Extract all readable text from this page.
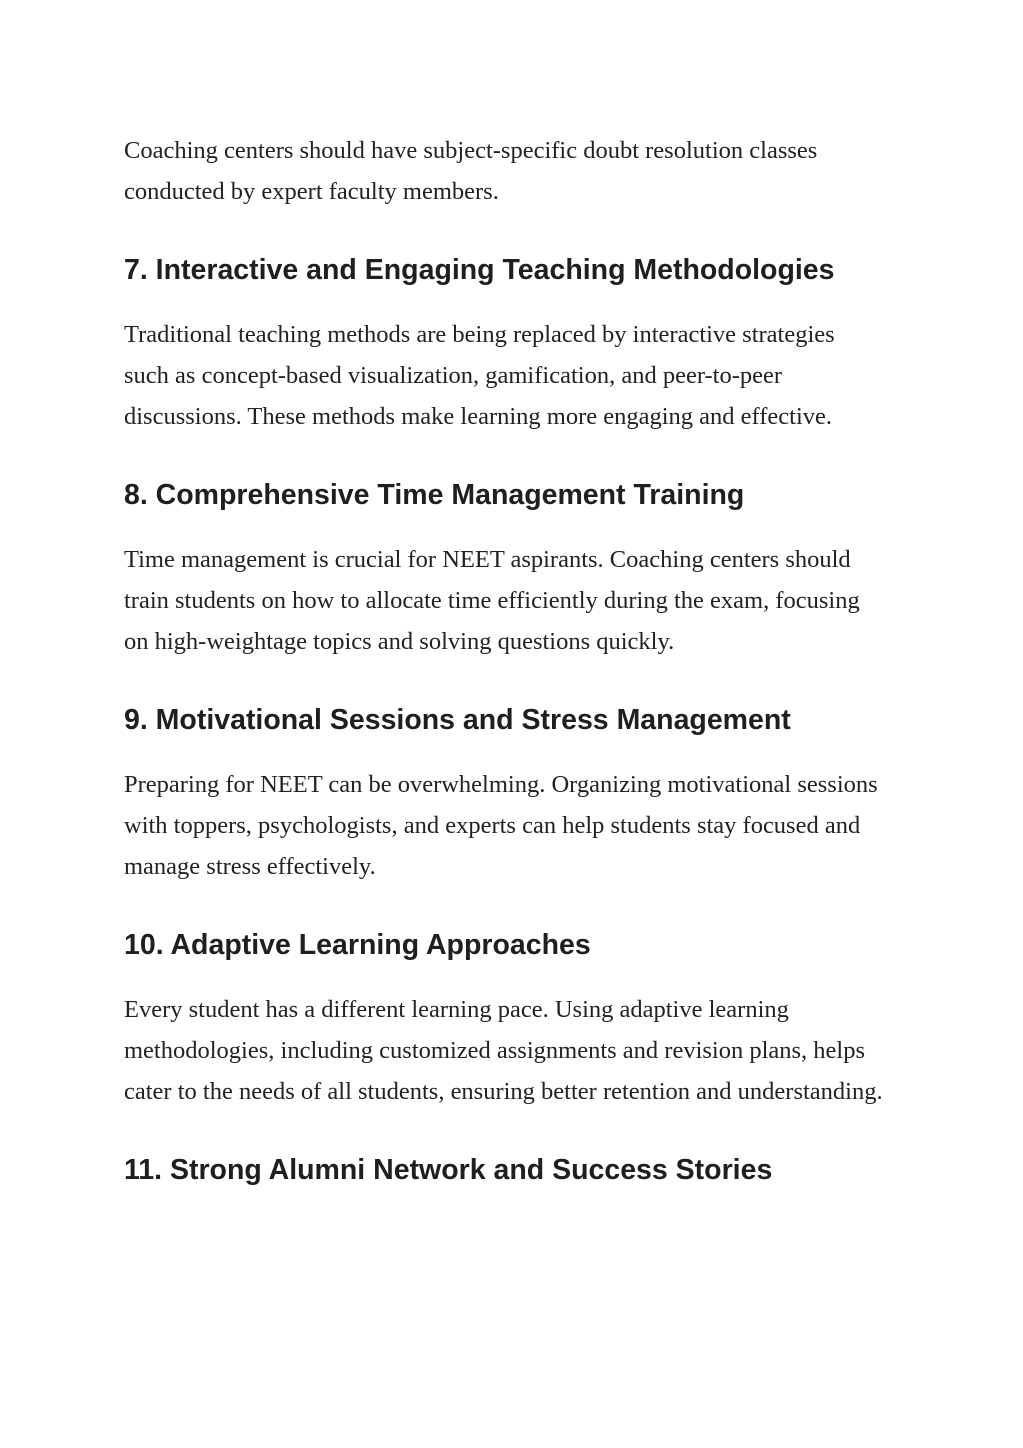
Coaching centers should have subject-specific doubt resolution classes conducted by expert faculty members.

7. Interactive and Engaging Teaching Methodologies

Traditional teaching methods are being replaced by interactive strategies such as concept-based visualization, gamification, and peer-to-peer discussions. These methods make learning more engaging and effective.

8. Comprehensive Time Management Training

Time management is crucial for NEET aspirants. Coaching centers should train students on how to allocate time efficiently during the exam, focusing on high-weightage topics and solving questions quickly.

9. Motivational Sessions and Stress Management

Preparing for NEET can be overwhelming. Organizing motivational sessions with toppers, psychologists, and experts can help students stay focused and manage stress effectively.

10. Adaptive Learning Approaches

Every student has a different learning pace. Using adaptive learning methodologies, including customized assignments and revision plans, helps cater to the needs of all students, ensuring better retention and understanding.

11. Strong Alumni Network and Success Stories
